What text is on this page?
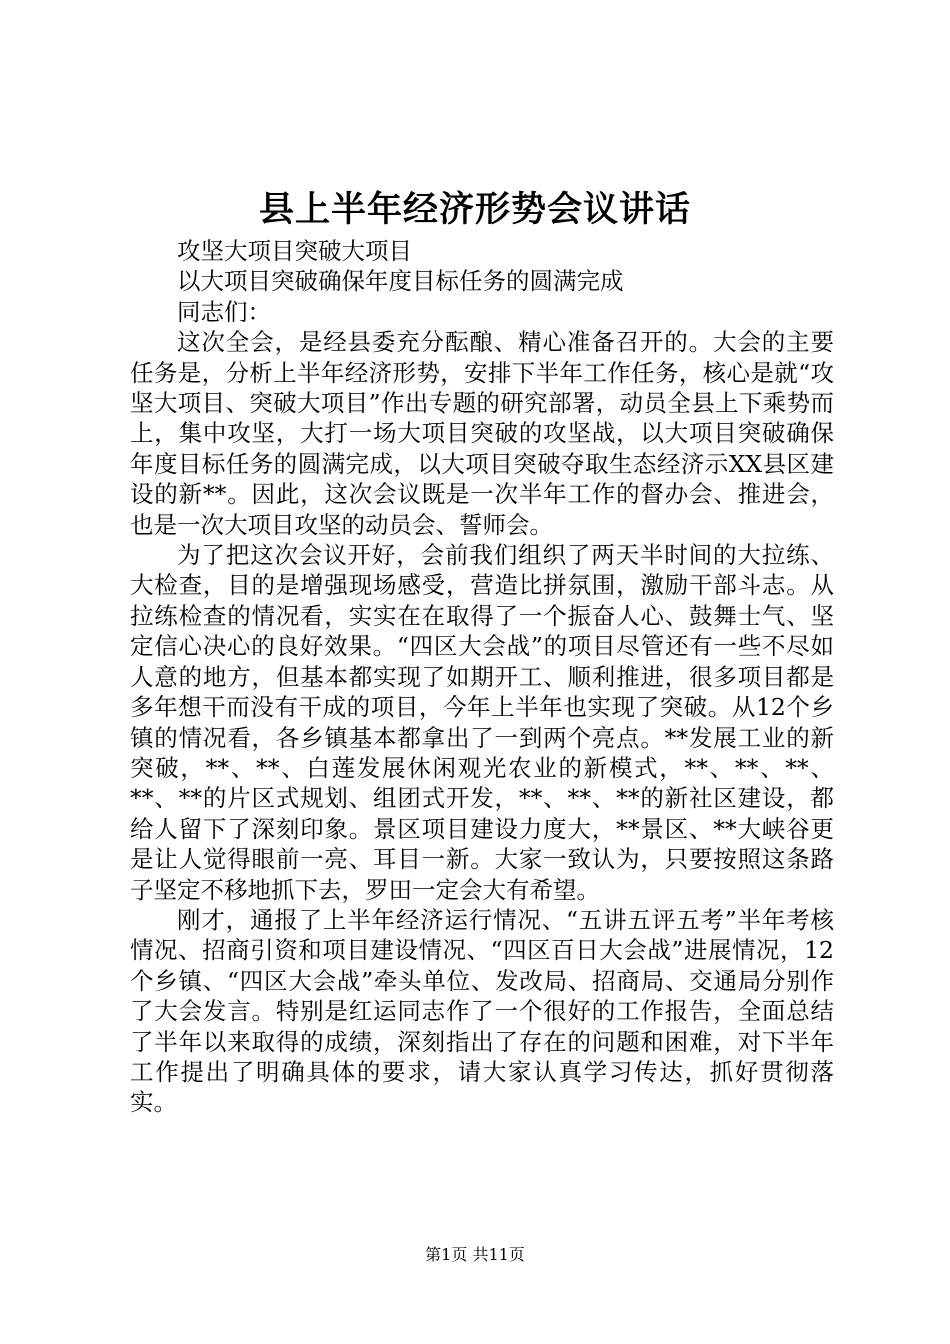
县上半年经济形势会议讲话

攻坚大项目突破大项目

以大项目突破确保年度目标任务的圆满完成

同志们：

这次全会，是经县委充分酝酿、精心准备召开的。大会的主要任务是，分析上半年经济形势，安排下半年工作任务，核心是就“攻坚大项目、突破大项目”作出专题的研究部署，动员全县上下乘势而上，集中攻坚，大打一场大项目突破的攻坚战，以大项目突破确保年度目标任务的圆满完成，以大项目突破夺取生态经济示XX县区建设的新**。因此，这次会议既是一次半年工作的督办会、推进会，也是一次大项目攻坚的动员会、誓师会。

为了把这次会议开好，会前我们组织了两天半时间的大拉练、大检查，目的是增强现场感受，营造比拼氛围，激励干部斗志。从拉练检查的情况看，实实在在取得了一个振奋人心、鼓舞士气、坚定信心决心的良好效果。“四区大会战”的项目尽管还有一些不尽如人意的地方，但基本都实现了如期开工、顺利推进，很多项目都是多年想干而没有干成的项目，今年上半年也实现了突破。从12个乡镇的情况看，各乡镇基本都拿出了一到两个亮点。**发展工业的新突破，**、**、白莲发展休闲观光农业的新模式，**、**、**、**、**的片区式规划、组团式开发，**、**、**的新社区建设，都给人留下了深刻印象。景区项目建设力度大，**景区、**大峡谷更是让人觉得眼前一亮、耳目一新。大家一致认为，只要按照这条路子坚定不移地抓下去，罗田一定会大有希望。

刚才，通报了上半年经济运行情况、“五讲五评五考”半年考核情况、招商引资和项目建设情况、“四区百日大会战”进展情况，12个乡镇、“四区大会战”牵头单位、发改局、招商局、交通局分别作了大会发言。特别是红运同志作了一个很好的工作报告，全面总结了半年以来取得的成绩，深刻指出了存在的问题和困难，对下半年工作提出了明确具体的要求，请大家认真学习传达，抓好贯彻落实。

第1页 共11页
